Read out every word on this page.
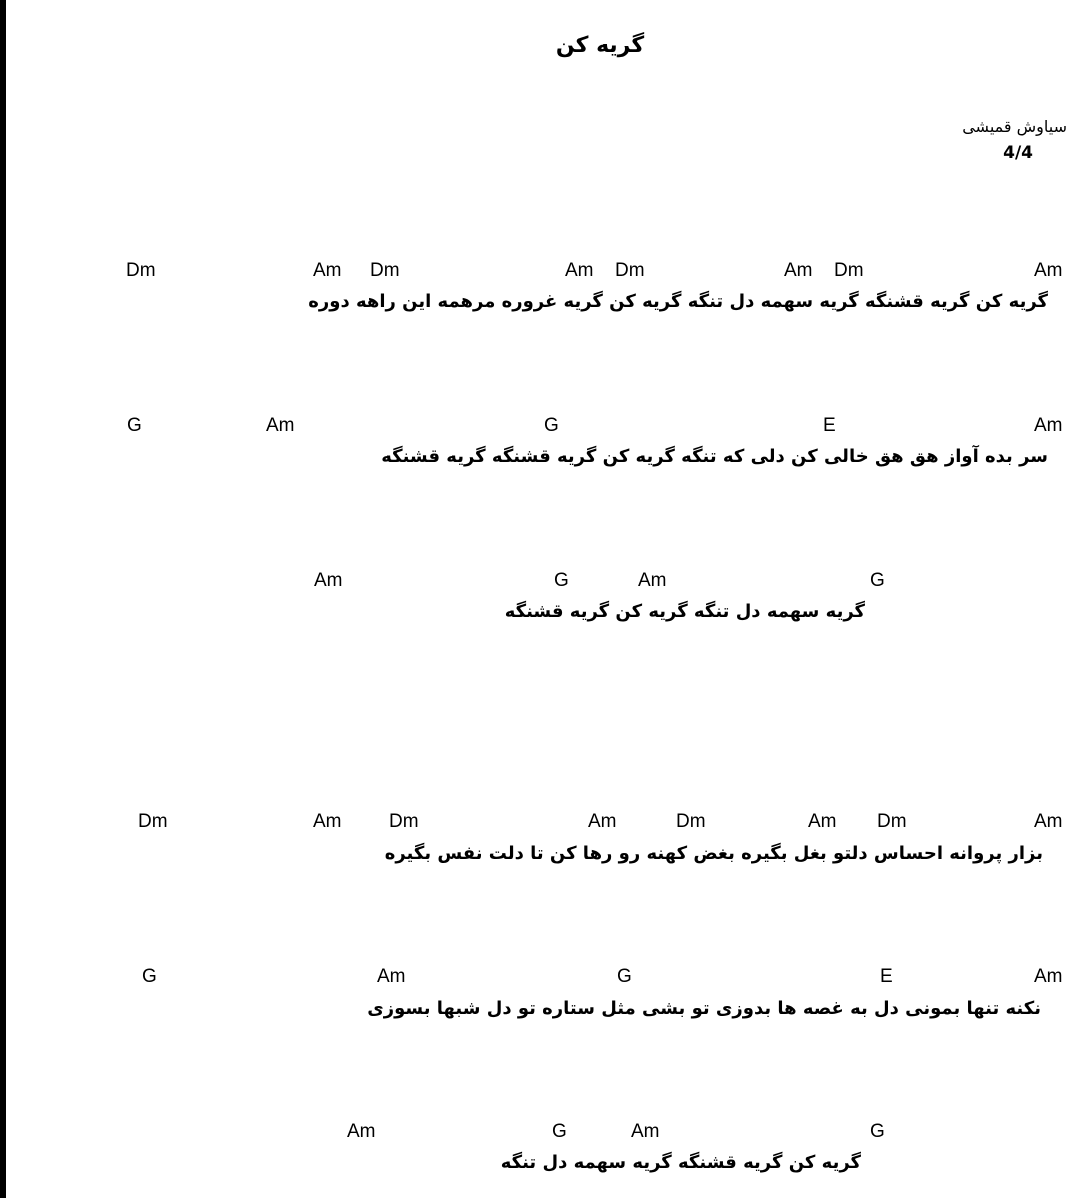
گریه کن
سیاوش قمیشی
4/4
Dm	Am Dm	Am Dm	Am Dm	Am
گریه کن گریه قشنگه گریه سهمه دل تنگه گریه کن گریه غروره مرهمه این راهه دوره
G	Am	G	E	Am
سر بده آواز هق هق خالی کن دلی که تنگه گریه کن گریه قشنگه گریه قشنگه
Am	G	Am	G
گریه سهمه دل تنگه گریه کن گریه قشنگه
Dm	Am	Dm	Am	Dm	Am Dm	Am
بزار پروانه احساس دلتو بغل بگیره بغض کهنه رو رها کن تا دلت نفس بگیره
G	Am	G	E	Am
نکنه تنها بمونی دل به غصه ها بدوزی تو بشی مثل ستاره تو دل شبها بسوزی
Am	G	Am	G
گریه کن گریه قشنگه گریه سهمه دل تنگه
